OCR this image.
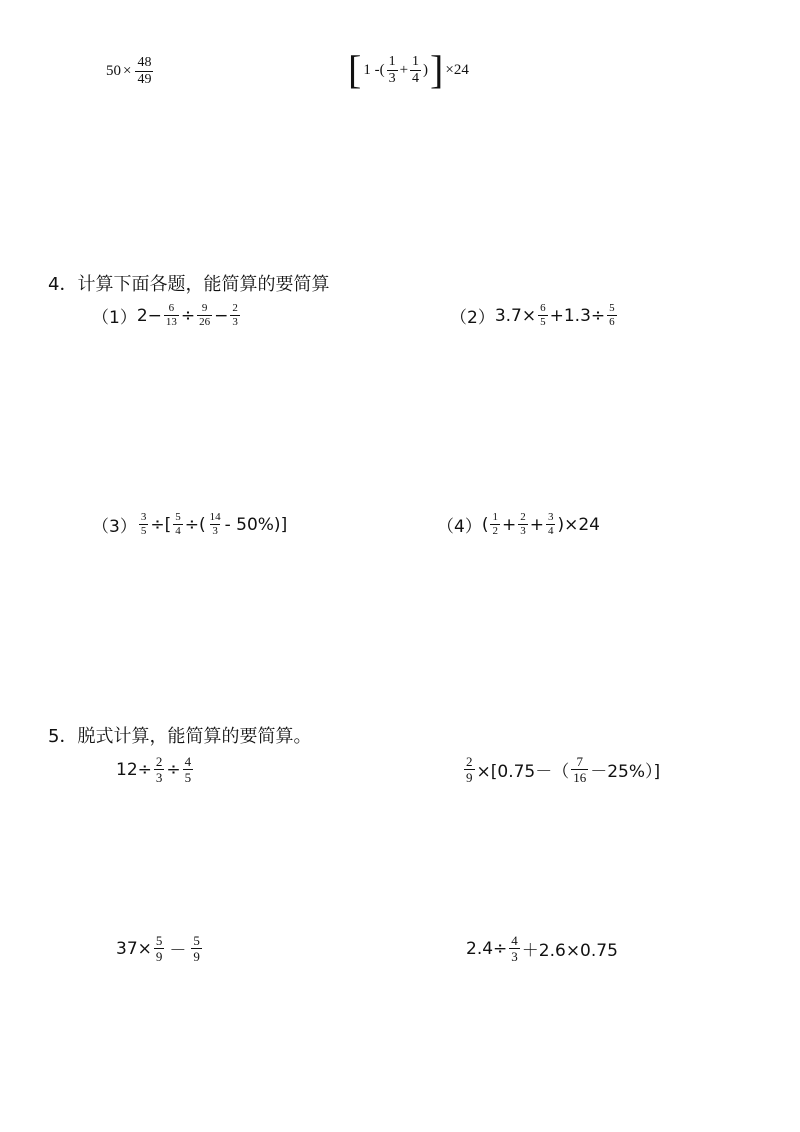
$50 \times \frac{48}{49}$	[ 1 -( $\frac{1}{3} + \frac{1}{4}$ ) ] ×24
4．计算下面各题，能简算的要简算
（1） $2 - \frac{6}{13} \div \frac{9}{26} - \frac{2}{3}$	（2） $3.7\times \frac{6}{5} +1.3\div \frac{5}{6}$
$(3) \frac{3}{5}$ ÷[ $\frac{5}{4}$ ÷( $\frac{14}{3} - 50\%$)]	（4） ( $\frac{1}{2} + \frac{2}{3} + \frac{3}{4} )\times 24$
5．脱式计算，能简算的要简算。
$12\div \frac{2}{3} \div \frac{4}{5}$	$\frac{2}{9} \times[0.75-( \frac{7}{16} -25\%)]$
$37\times \frac{5}{9} - \frac{5}{9}$	$2.4\div \frac{4}{3} +2.6\times 0.75$
